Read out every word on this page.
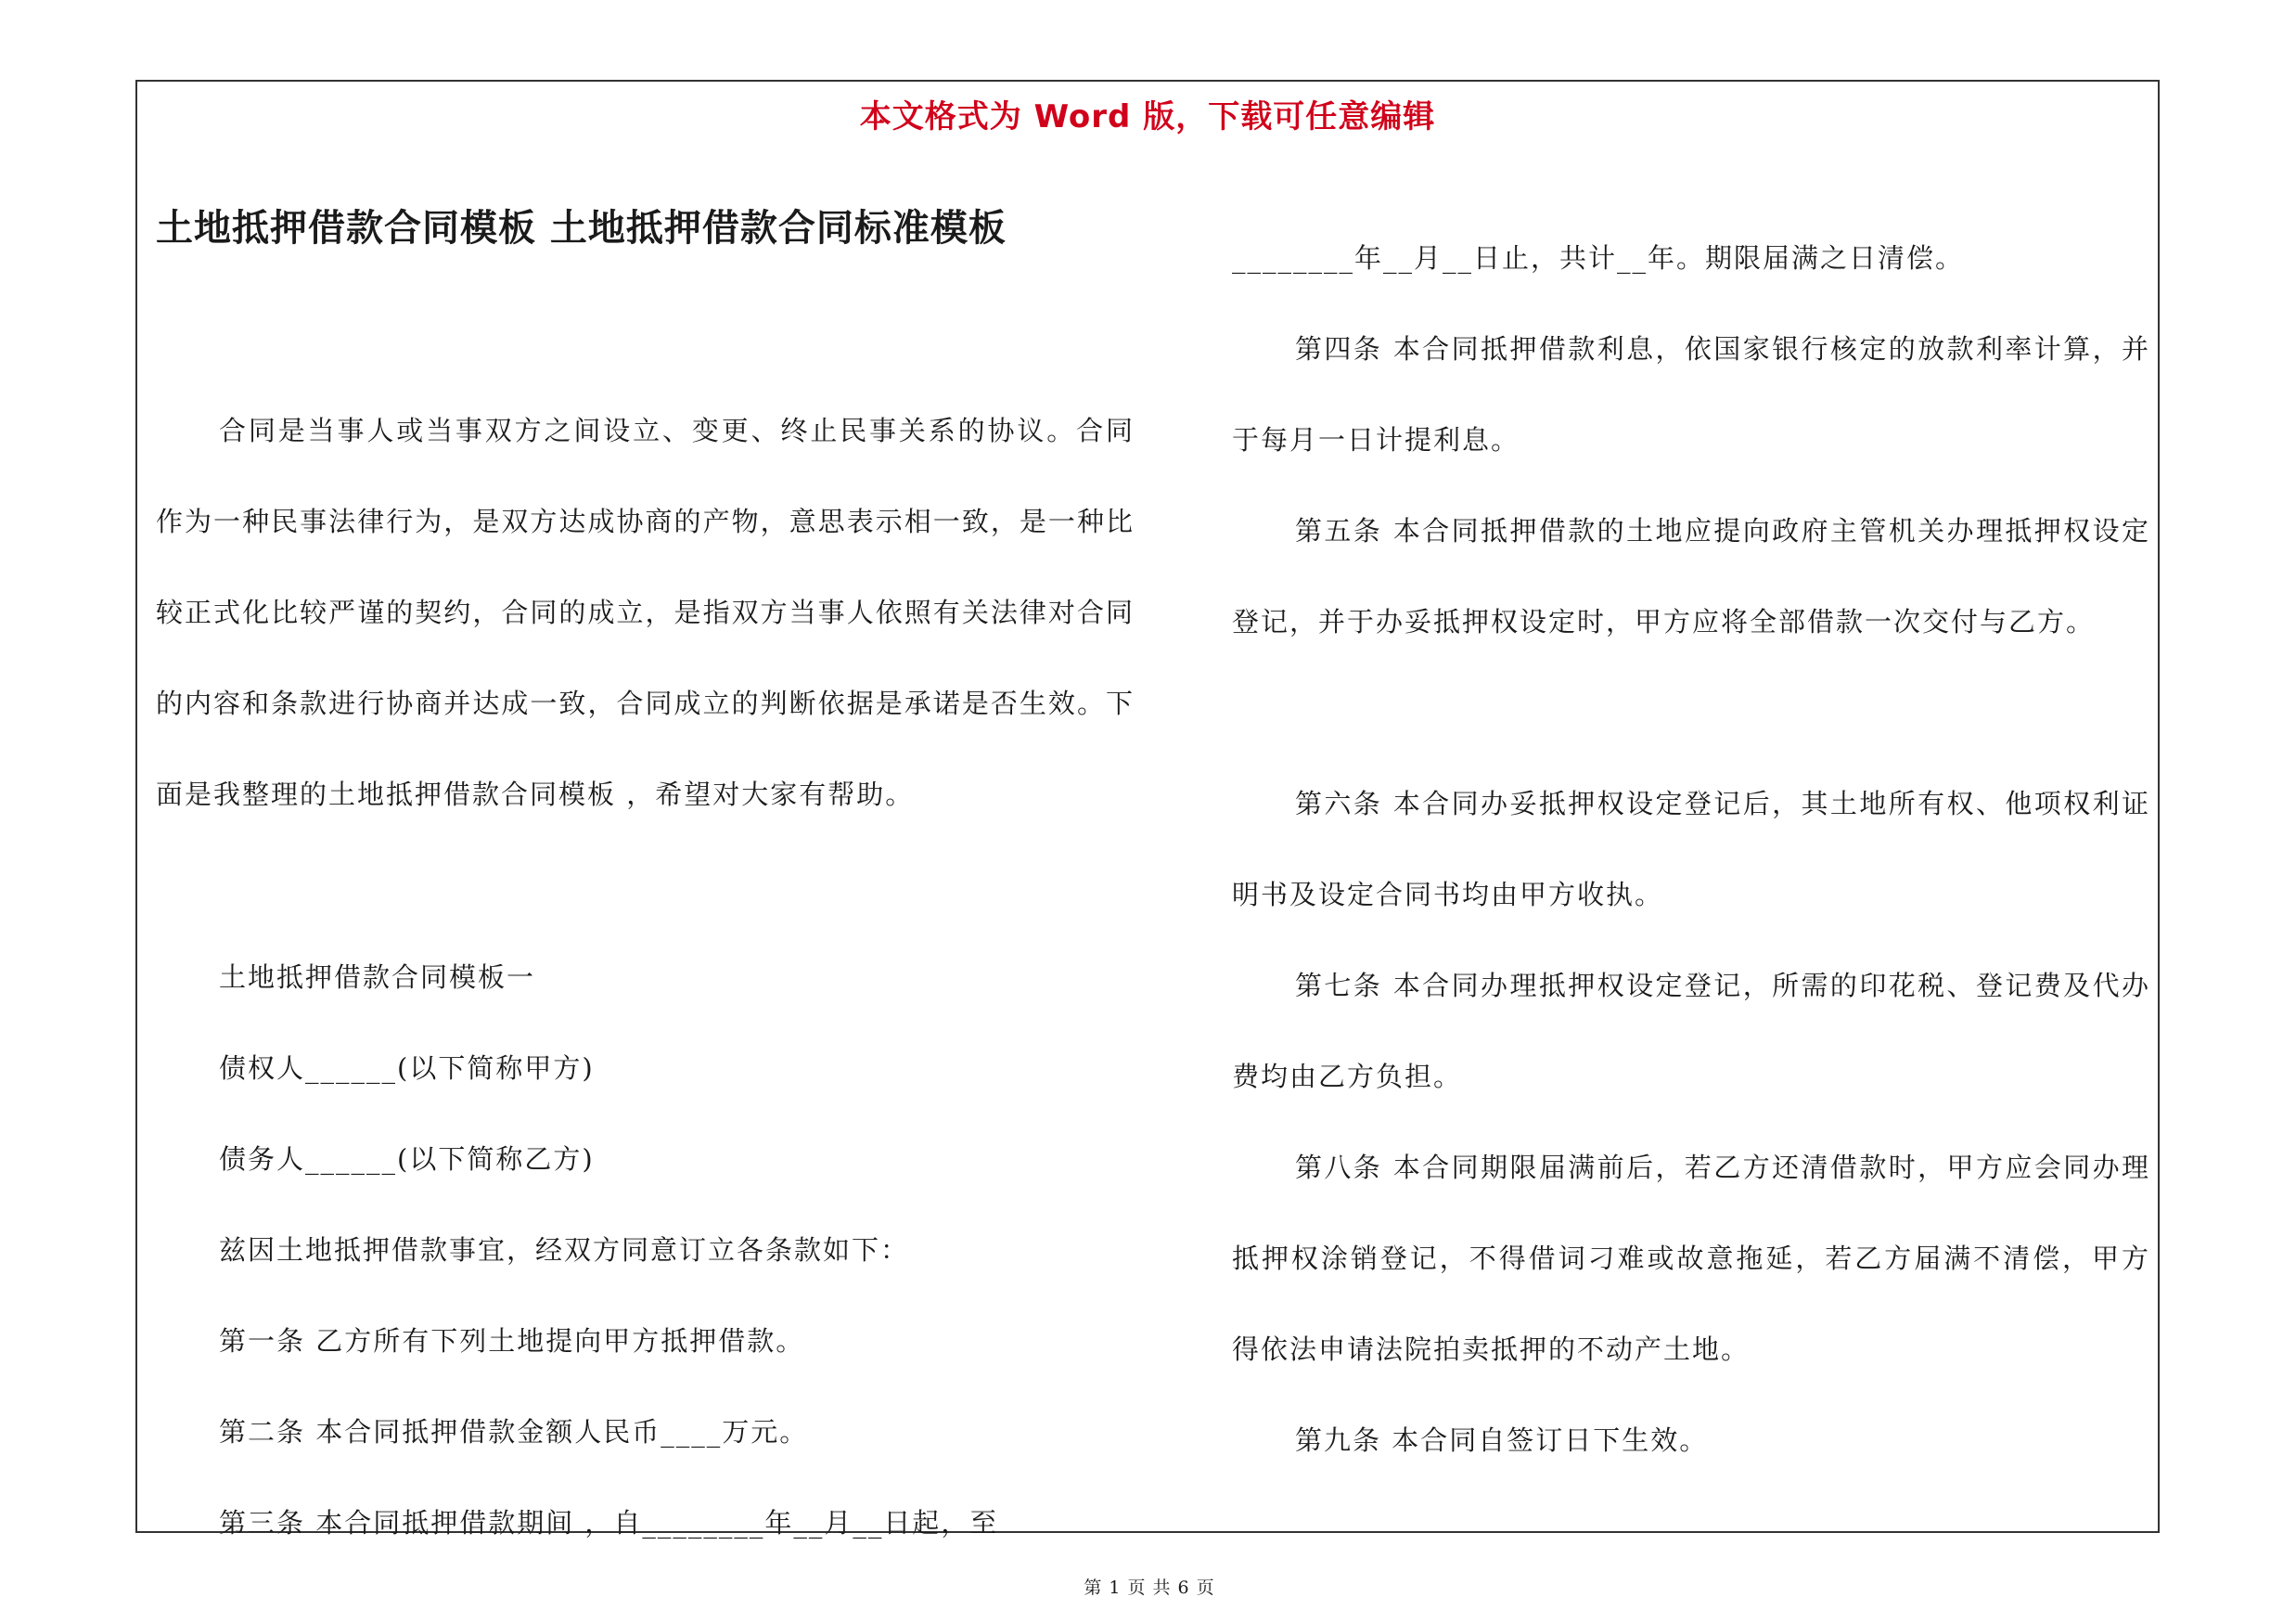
本文格式为 Word 版，下载可任意编辑
土地抵押借款合同模板 土地抵押借款合同标准模板

合同是当事人或当事双方之间设立、变更、终止民事关系的协议。合同作为一种民事法律行为，是双方达成协商的产物，意思表示相一致，是一种比较正式化比较严谨的契约，合同的成立，是指双方当事人依照有关法律对合同的内容和条款进行协商并达成一致，合同成立的判断依据是承诺是否生效。下面是我整理的土地抵押借款合同模板 ，希望对大家有帮助。

土地抵押借款合同模板一

债权人______(以下简称甲方)

债务人______(以下简称乙方)

兹因土地抵押借款事宜，经双方同意订立各条款如下：

第一条 乙方所有下列土地提向甲方抵押借款。

第二条 本合同抵押借款金额人民币____万元。

第三条 本合同抵押借款期间 ，自________年__月__日起，至

________年__月__日止，共计__年。期限届满之日清偿。

第四条 本合同抵押借款利息，依国家银行核定的放款利率计算，并于每月一日计提利息。

第五条 本合同抵押借款的土地应提向政府主管机关办理抵押权设定登记，并于办妥抵押权设定时，甲方应将全部借款一次交付与乙方。

第六条 本合同办妥抵押权设定登记后，其土地所有权、他项权利证明书及设定合同书均由甲方收执。

第七条 本合同办理抵押权设定登记，所需的印花税、登记费及代办费均由乙方负担。

第八条 本合同期限届满前后，若乙方还清借款时，甲方应会同办理抵押权涂销登记，不得借词刁难或故意拖延，若乙方届满不清偿，甲方得依法申请法院拍卖抵押的不动产土地。

第九条 本合同自签订日下生效。

第 1 页 共 6 页
